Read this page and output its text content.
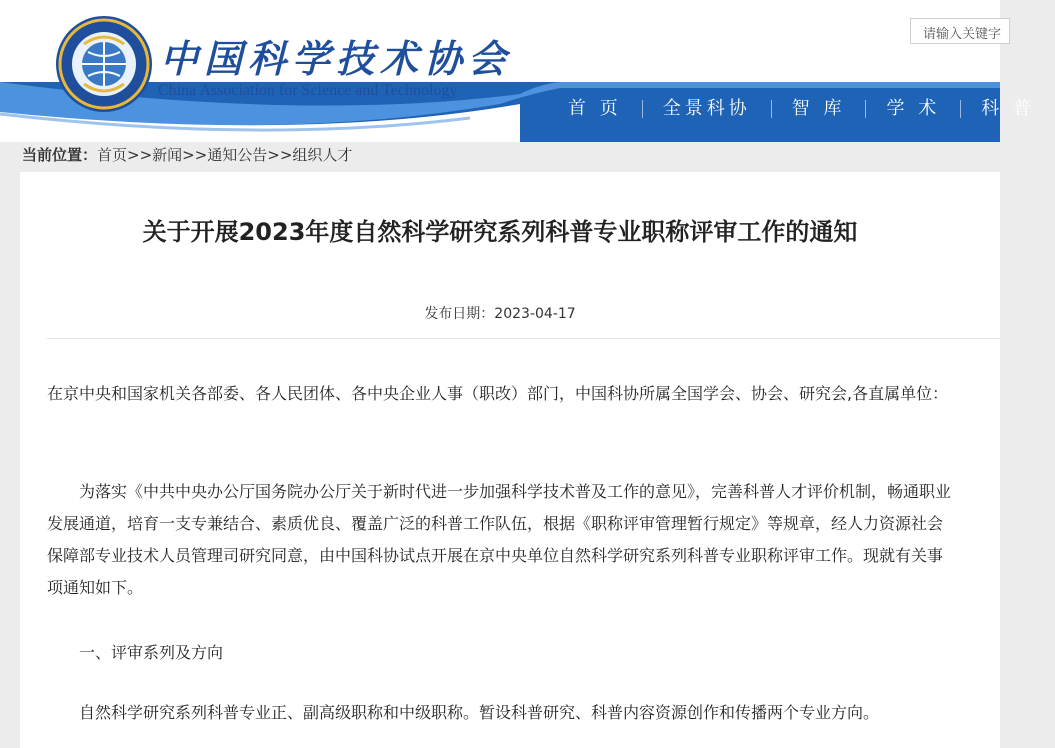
中国科学技术协会
China Association for Science and Technology
请输入关键字
首 页	全景科协	智 库	学 术	科 普
当前位置：首页>>新闻>>通知公告>>组织人才
关于开展2023年度自然科学研究系列科普专业职称评审工作的通知
发布日期：2023-04-17

在京中央和国家机关各部委、各人民团体、各中央企业人事（职改）部门，中国科协所属全国学会、协会、研究会,各直属单位：

为落实《中共中央办公厅国务院办公厅关于新时代进一步加强科学技术普及工作的意见》，完善科普人才评价机制，畅通职业发展通道，培育一支专兼结合、素质优良、覆盖广泛的科普工作队伍，根据《职称评审管理暂行规定》等规章，经人力资源社会保障部专业技术人员管理司研究同意，由中国科协试点开展在京中央单位自然科学研究系列科普专业职称评审工作。现就有关事项通知如下。

一、评审系列及方向

自然科学研究系列科普专业正、副高级职称和中级职称。暂设科普研究、科普内容资源创作和传播两个专业方向。
